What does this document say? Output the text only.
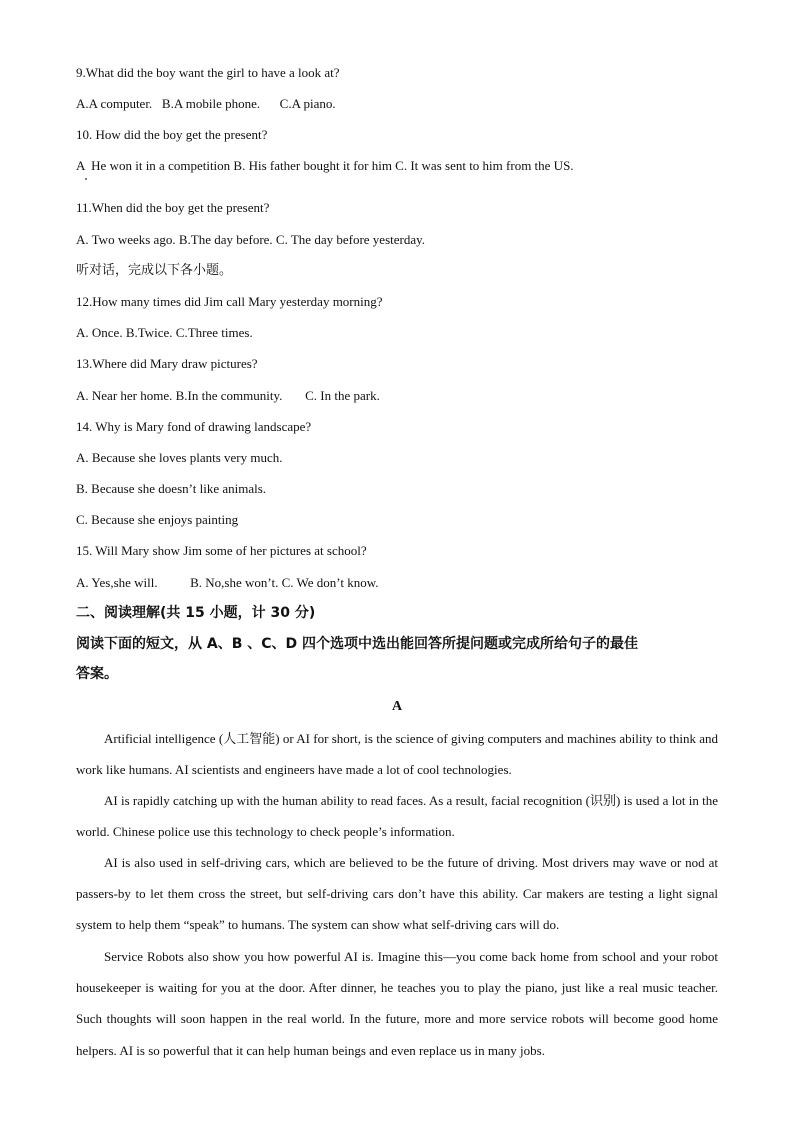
9.What did the boy want the girl to have a look at?
A.A computer.   B.A mobile phone.      C.A piano.
10. How did the boy get the present?
A  He won it in a competition B. His father bought it for him C. It was sent to him from the US.
11.When did the boy get the present?
A. Two weeks ago. B.The day before. C. The day before yesterday.
听对话，完成以下各小题。
12.How many times did Jim call Mary yesterday morning?
A. Once. B.Twice. C.Three times.
13.Where did Mary draw pictures?
A. Near her home. B.In the community.       C. In the park.
14. Why is Mary fond of drawing landscape?
A. Because she loves plants very much.
B. Because she doesn’t like animals.
C. Because she enjoys painting
15. Will Mary show Jim some of her pictures at school?
A. Yes,she will.          B. No,she won’t. C. We don’t know.
二、阅读理解(共 15 小题，计 30 分)
阅读下面的短文，从 A、B 、C、D 四个选项中选出能回答所提问题或完成所给句子的最佳
答案。
A
Artificial intelligence (人工智能) or AI for short, is the science of giving computers and machines ability to think and work like humans. AI scientists and engineers have made a lot of cool technologies.
AI is rapidly catching up with the human ability to read faces. As a result, facial recognition (识别) is used a lot in the world. Chinese police use this technology to check people’s information.
AI is also used in self-driving cars, which are believed to be the future of driving. Most drivers may wave or nod at passers-by to let them cross the street, but self-driving cars don’t have this ability. Car makers are testing a light signal system to help them “speak” to humans. The system can show what self-driving cars will do.
Service Robots also show you how powerful AI is. Imagine this—you come back home from school and your robot housekeeper is waiting for you at the door. After dinner, he teaches you to play the piano, just like a real music teacher. Such thoughts will soon happen in the real world. In the future, more and more service robots will become good home helpers. AI is so powerful that it can help human beings and even replace us in many jobs.
